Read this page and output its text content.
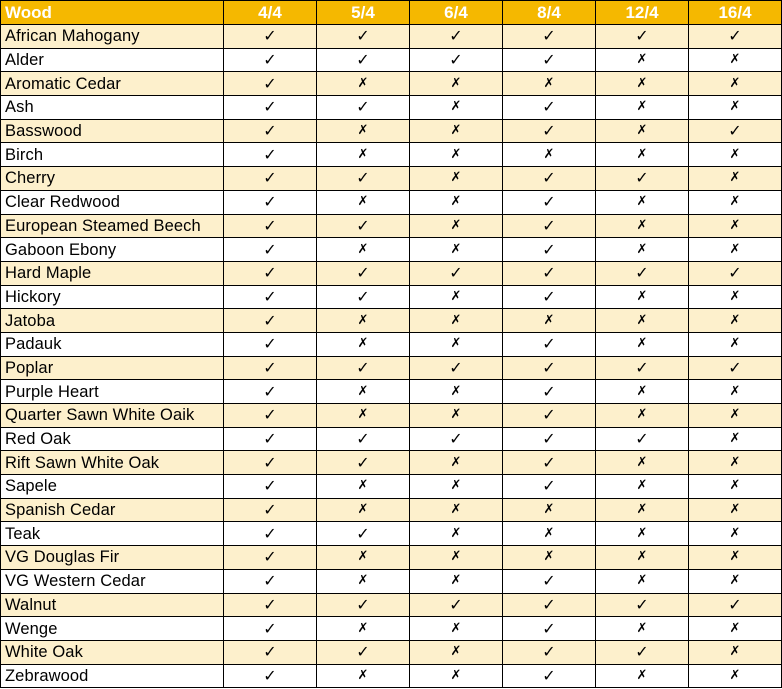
Wood	4/4	5/4	6/4	8/4	12/4	16/4
African Mahogany	✓	✓	✓	✓	✓	✓
Alder	✓	✓	✓	✓	✗	✗
Aromatic Cedar	✓	✗	✗	✗	✗	✗
Ash	✓	✓	✗	✓	✗	✗
Basswood	✓	✗	✗	✓	✗	✓
Birch	✓	✗	✗	✗	✗	✗
Cherry	✓	✓	✗	✓	✓	✗
Clear Redwood	✓	✗	✗	✓	✗	✗
European Steamed Beech	✓	✓	✗	✓	✗	✗
Gaboon Ebony	✓	✗	✗	✓	✗	✗
Hard Maple	✓	✓	✓	✓	✓	✓
Hickory	✓	✓	✗	✓	✗	✗
Jatoba	✓	✗	✗	✗	✗	✗
Padauk	✓	✗	✗	✓	✗	✗
Poplar	✓	✓	✓	✓	✓	✓
Purple Heart	✓	✗	✗	✓	✗	✗
Quarter Sawn White Oaik	✓	✗	✗	✓	✗	✗
Red Oak	✓	✓	✓	✓	✓	✗
Rift Sawn White Oak	✓	✓	✗	✓	✗	✗
Sapele	✓	✗	✗	✓	✗	✗
Spanish Cedar	✓	✗	✗	✗	✗	✗
Teak	✓	✓	✗	✗	✗	✗
VG Douglas Fir	✓	✗	✗	✗	✗	✗
VG Western Cedar	✓	✗	✗	✓	✗	✗
Walnut	✓	✓	✓	✓	✓	✓
Wenge	✓	✗	✗	✓	✗	✗
White Oak	✓	✓	✗	✓	✓	✗
Zebrawood	✓	✗	✗	✓	✗	✗
